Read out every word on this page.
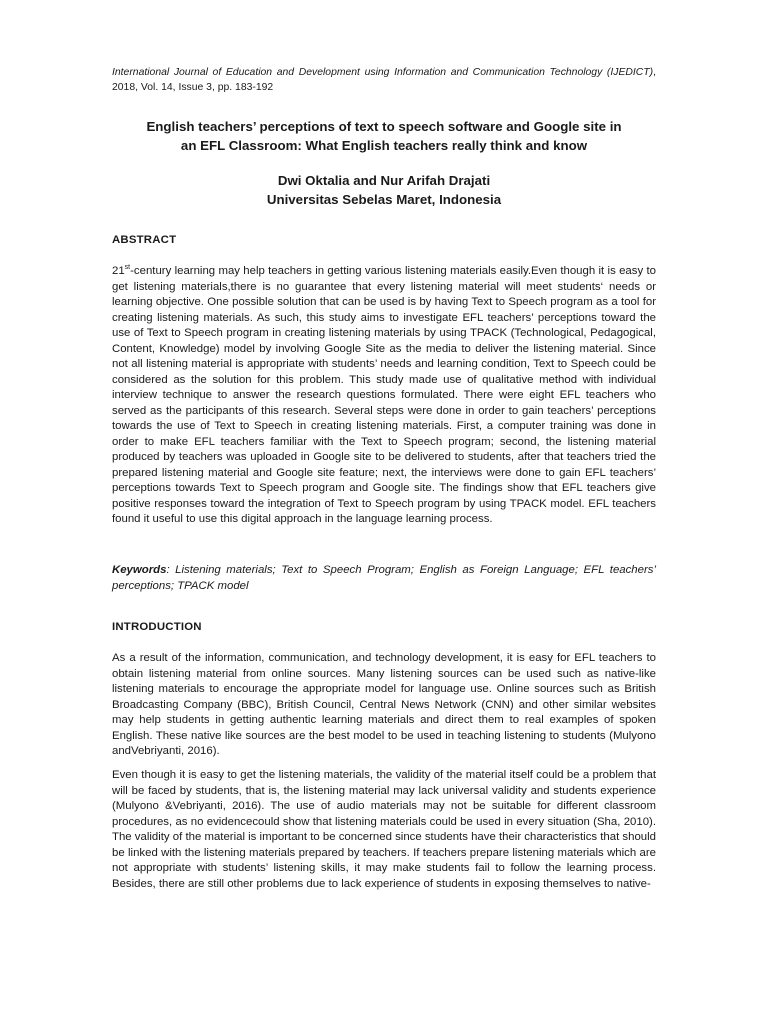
International Journal of Education and Development using Information and Communication Technology (IJEDICT), 2018, Vol. 14, Issue 3, pp. 183-192
English teachers’ perceptions of text to speech software and Google site in
an EFL Classroom: What English teachers really think and know
Dwi Oktalia and Nur Arifah Drajati
Universitas Sebelas Maret, Indonesia
ABSTRACT
21st-century learning may help teachers in getting various listening materials easily.Even though it is easy to get listening materials,there is no guarantee that every listening material will meet students‘ needs or learning objective. One possible solution that can be used is by having Text to Speech program as a tool for creating listening materials. As such, this study aims to investigate EFL teachers’ perceptions toward the use of Text to Speech program in creating listening materials by using TPACK (Technological, Pedagogical, Content, Knowledge) model by involving Google Site as the media to deliver the listening material. Since not all listening material is appropriate with students’ needs and learning condition, Text to Speech could be considered as the solution for this problem. This study made use of qualitative method with individual interview technique to answer the research questions formulated. There were eight EFL teachers who served as the participants of this research. Several steps were done in order to gain teachers’ perceptions towards the use of Text to Speech in creating listening materials. First, a computer training was done in order to make EFL teachers familiar with the Text to Speech program; second, the listening material produced by teachers was uploaded in Google site to be delivered to students, after that teachers tried the prepared listening material and Google site feature; next, the interviews were done to gain EFL teachers’ perceptions towards Text to Speech program and Google site. The findings show that EFL teachers give positive responses toward the integration of Text to Speech program by using TPACK model. EFL teachers found it useful to use this digital approach in the language learning process.
Keywords: Listening materials; Text to Speech Program; English as Foreign Language; EFL teachers’ perceptions; TPACK model
INTRODUCTION
As a result of the information, communication, and technology development, it is easy for EFL teachers to obtain listening material from online sources. Many listening sources can be used such as native-like listening materials to encourage the appropriate model for language use. Online sources such as British Broadcasting Company (BBC), British Council, Central News Network (CNN) and other similar websites may help students in getting authentic learning materials and direct them to real examples of spoken English. These native like sources are the best model to be used in teaching listening to students (Mulyono andVebriyanti, 2016).
Even though it is easy to get the listening materials, the validity of the material itself could be a problem that will be faced by students, that is, the listening material may lack universal validity and students experience (Mulyono &Vebriyanti, 2016). The use of audio materials may not be suitable for different classroom procedures, as no evidencecould show that listening materials could be used in every situation (Sha, 2010). The validity of the material is important to be concerned since students have their characteristics that should be linked with the listening materials prepared by teachers. If teachers prepare listening materials which are not appropriate with students’ listening skills, it may make students fail to follow the learning process. Besides, there are still other problems due to lack experience of students in exposing themselves to native-
